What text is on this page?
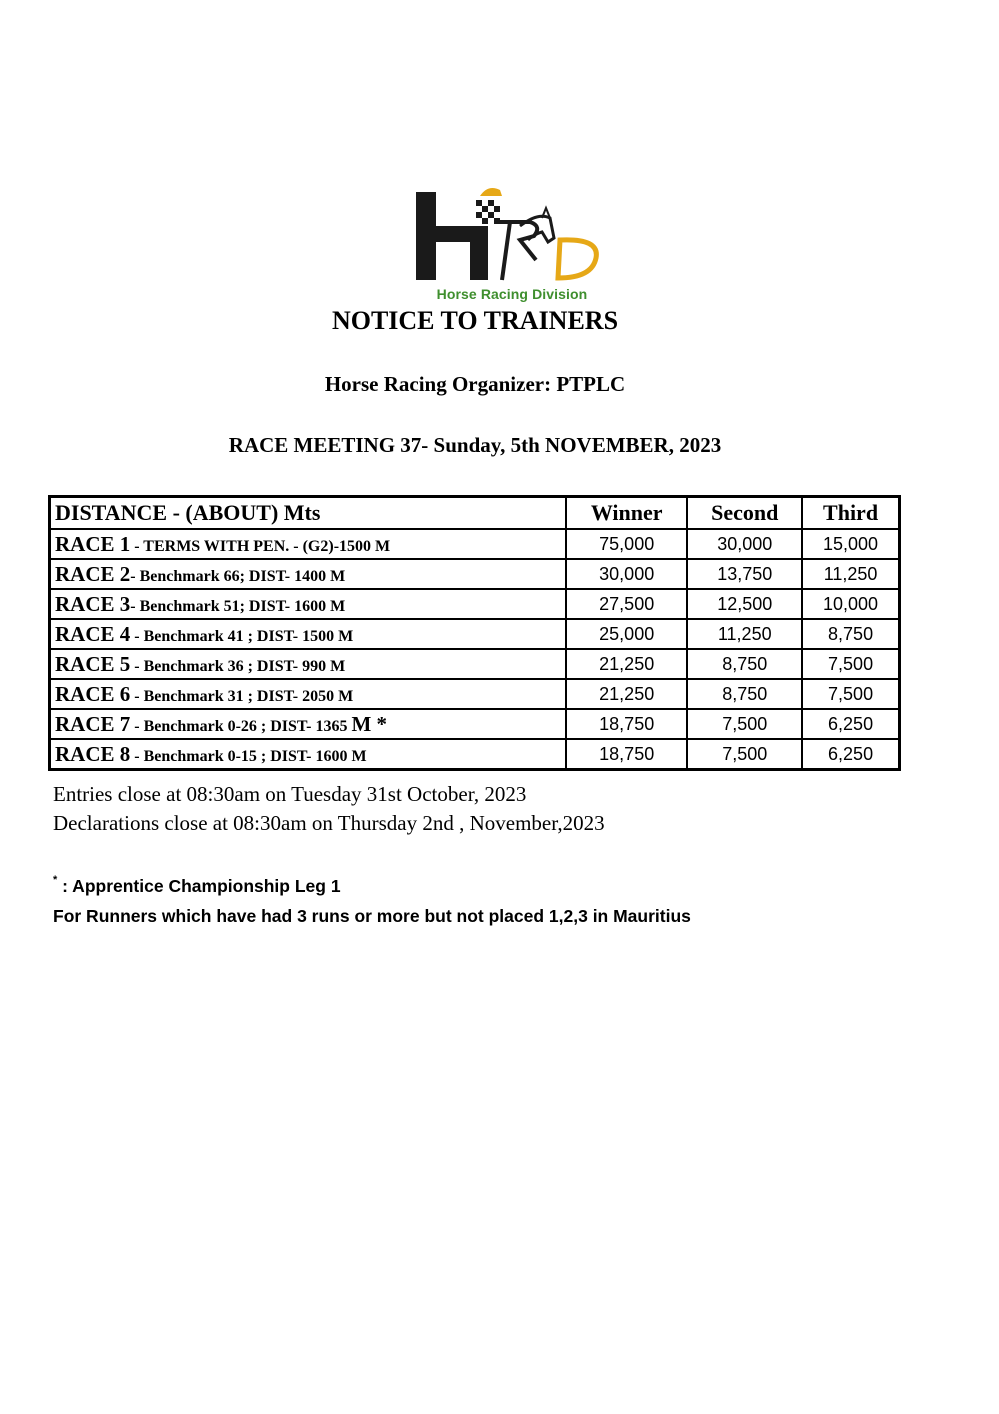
Horse Racing Division
NOTICE TO TRAINERS
Horse Racing Organizer: PTPLC
RACE MEETING 37- Sunday, 5th NOVEMBER, 2023
DISTANCE - (ABOUT) Mts	Winner	Second	Third
RACE 1 - TERMS WITH PEN. - (G2)-1500 M	75,000	30,000	15,000
RACE 2- Benchmark 66; DIST- 1400 M	30,000	13,750	11,250
RACE 3- Benchmark 51; DIST- 1600 M	27,500	12,500	10,000
RACE 4 - Benchmark 41 ; DIST- 1500 M	25,000	11,250	8,750
RACE 5 - Benchmark 36 ; DIST- 990 M	21,250	8,750	7,500
RACE 6 - Benchmark 31 ; DIST- 2050 M	21,250	8,750	7,500
RACE 7 - Benchmark 0-26 ; DIST- 1365 M *	18,750	7,500	6,250
RACE 8 - Benchmark 0-15 ; DIST- 1600 M	18,750	7,500	6,250
Entries close at 08:30am on Tuesday 31st October, 2023
Declarations close at 08:30am on Thursday 2nd , November,2023
* : Apprentice Championship Leg 1
For Runners which have had 3 runs or more but not placed 1,2,3 in Mauritius
